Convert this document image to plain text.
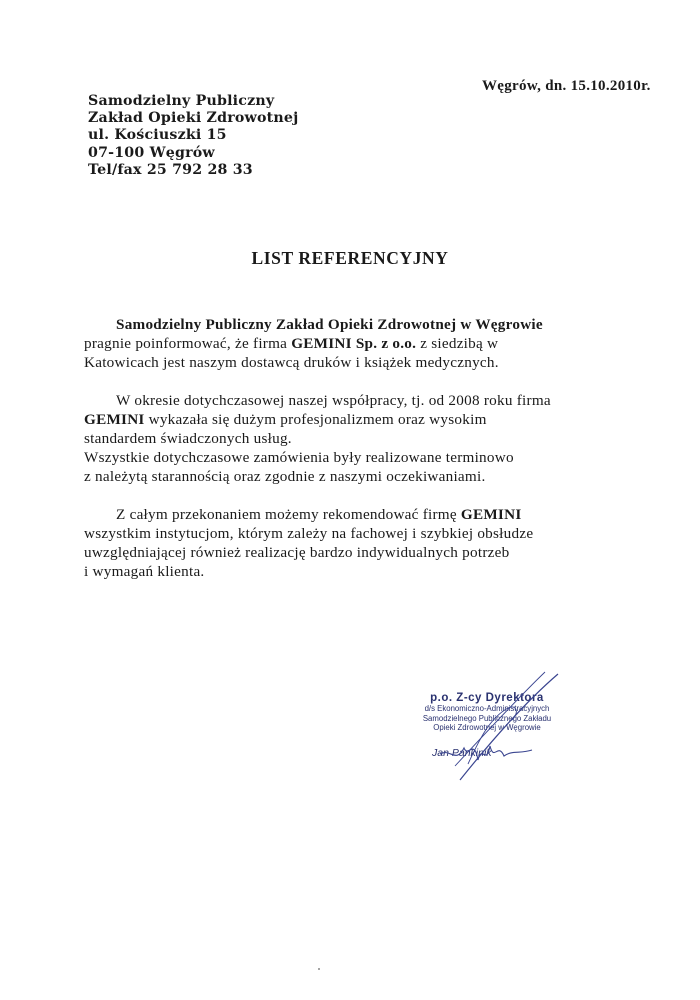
Węgrów, dn. 15.10.2010r.
Samodzielny Publiczny
Zakład Opieki Zdrowotnej
ul. Kościuszki 15
07-100 Węgrów
Tel/fax 25 792 28 33
LIST REFERENCYJNY
Samodzielny Publiczny Zakład Opieki Zdrowotnej w Węgrowie
pragnie poinformować, że firma GEMINI Sp. z o.o. z siedzibą w
Katowicach jest naszym dostawcą druków i książek medycznych.
W okresie dotychczasowej naszej współpracy, tj. od 2008 roku firma
GEMINI wykazała się dużym profesjonalizmem oraz wysokim
standardem świadczonych usług.
Wszystkie dotychczasowe zamówienia były realizowane terminowo
z należytą starannością oraz zgodnie z naszymi oczekiwaniami.
Z całym przekonaniem możemy rekomendować firmę GEMINI
wszystkim instytucjom, którym zależy na fachowej i szybkiej obsłudze
uwzględniającej również realizację bardzo indywidualnych potrzeb
i wymagań klienta.
p.o. Z-cy Dyrektora
d/s Ekonomiczno-Administracyjnych
Samodzielnego Publicznego Zakładu
Opieki Zdrowotnej w Węgrowie
Jan Pankinik
